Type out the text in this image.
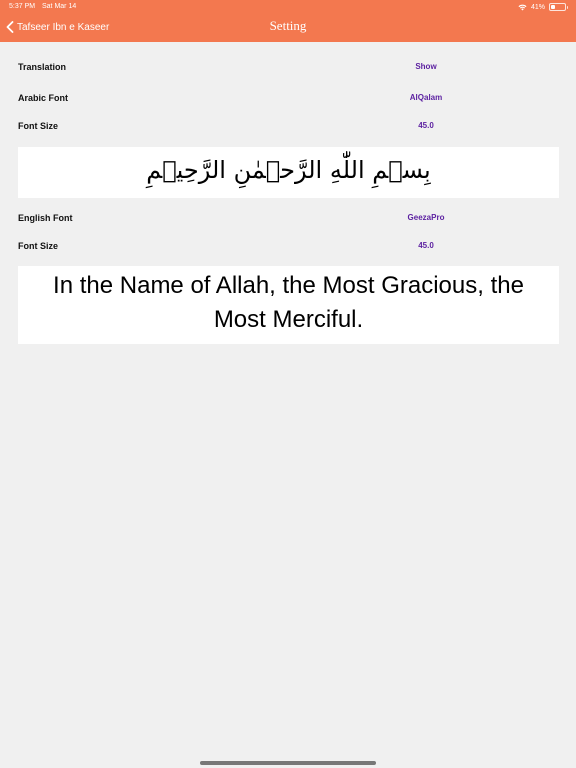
5:37 PM Sat Mar 14	41%
Tafseer Ibn e Kaseer	Setting
Translation	Show
Arabic Font	AlQalam
Font Size	45.0
بِسۡمِ اللّٰهِ الرَّحۡمٰنِ الرَّحِيۡمِ
English Font	GeezaPro
Font Size	45.0
In the Name of Allah, the Most Gracious, the Most Merciful.
